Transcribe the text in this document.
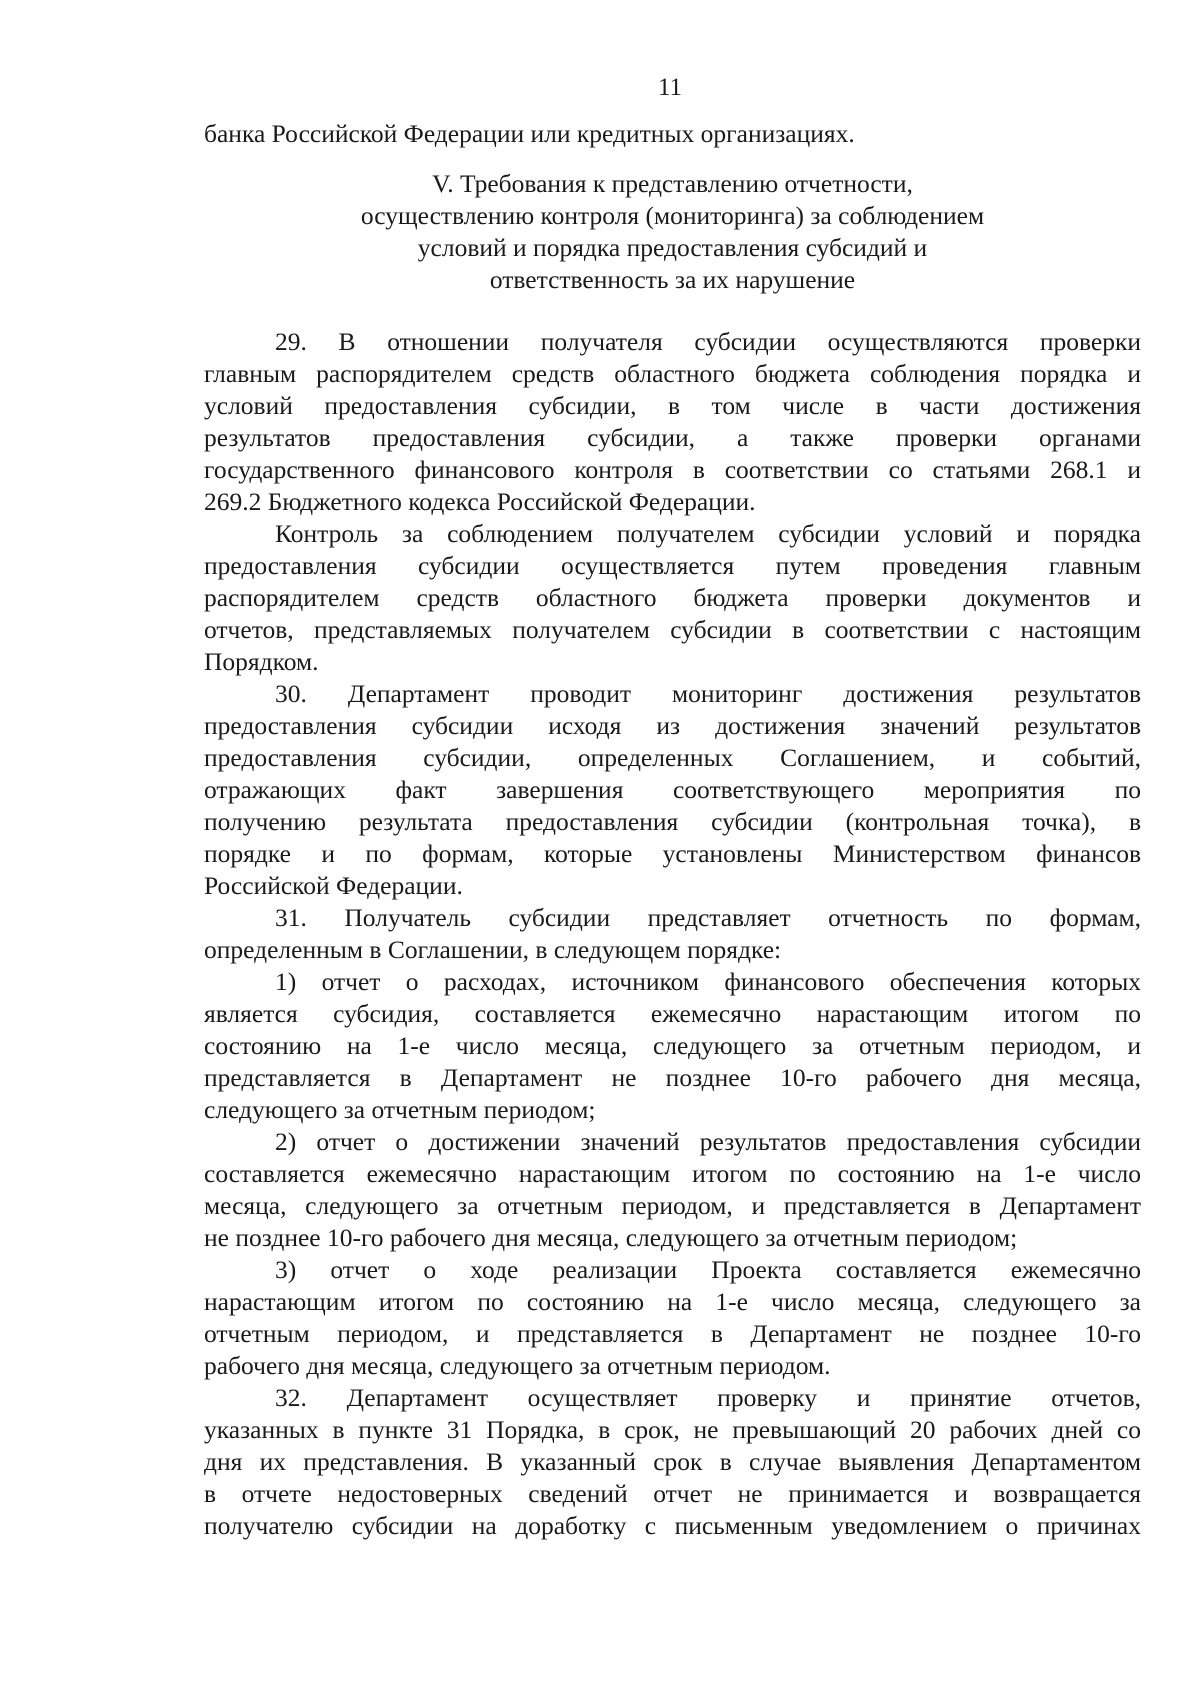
11
банка Российской Федерации или кредитных организациях.
V. Требования к представлению отчетности,
осуществлению контроля (мониторинга) за соблюдением
условий и порядка предоставления субсидий и
ответственность за их нарушение
29. В отношении получателя субсидии осуществляются проверки
главным распорядителем средств областного бюджета соблюдения порядка и
условий предоставления субсидии, в том числе в части достижения
результатов предоставления субсидии, а также проверки органами
государственного финансового контроля в соответствии со статьями 268.1 и
269.2 Бюджетного кодекса Российской Федерации.
Контроль за соблюдением получателем субсидии условий и порядка
предоставления субсидии осуществляется путем проведения главным
распорядителем средств областного бюджета проверки документов и
отчетов, представляемых получателем субсидии в соответствии с настоящим
Порядком.
30. Департамент проводит мониторинг достижения результатов
предоставления субсидии исходя из достижения значений результатов
предоставления субсидии, определенных Соглашением, и событий,
отражающих факт завершения соответствующего мероприятия по
получению результата предоставления субсидии (контрольная точка), в
порядке и по формам, которые установлены Министерством финансов
Российской Федерации.
31. Получатель субсидии представляет отчетность по формам,
определенным в Соглашении, в следующем порядке:
1) отчет о расходах, источником финансового обеспечения которых
является субсидия, составляется ежемесячно нарастающим итогом по
состоянию на 1-е число месяца, следующего за отчетным периодом, и
представляется в Департамент не позднее 10-го рабочего дня месяца,
следующего за отчетным периодом;
2) отчет о достижении значений результатов предоставления субсидии
составляется ежемесячно нарастающим итогом по состоянию на 1-е число
месяца, следующего за отчетным периодом, и представляется в Департамент
не позднее 10-го рабочего дня месяца, следующего за отчетным периодом;
3) отчет о ходе реализации Проекта составляется ежемесячно
нарастающим итогом по состоянию на 1-е число месяца, следующего за
отчетным периодом, и представляется в Департамент не позднее 10-го
рабочего дня месяца, следующего за отчетным периодом.
32. Департамент осуществляет проверку и принятие отчетов,
указанных в пункте 31 Порядка, в срок, не превышающий 20 рабочих дней со
дня их представления. В указанный срок в случае выявления Департаментом
в отчете недостоверных сведений отчет не принимается и возвращается
получателю субсидии на доработку с письменным уведомлением о причинах
